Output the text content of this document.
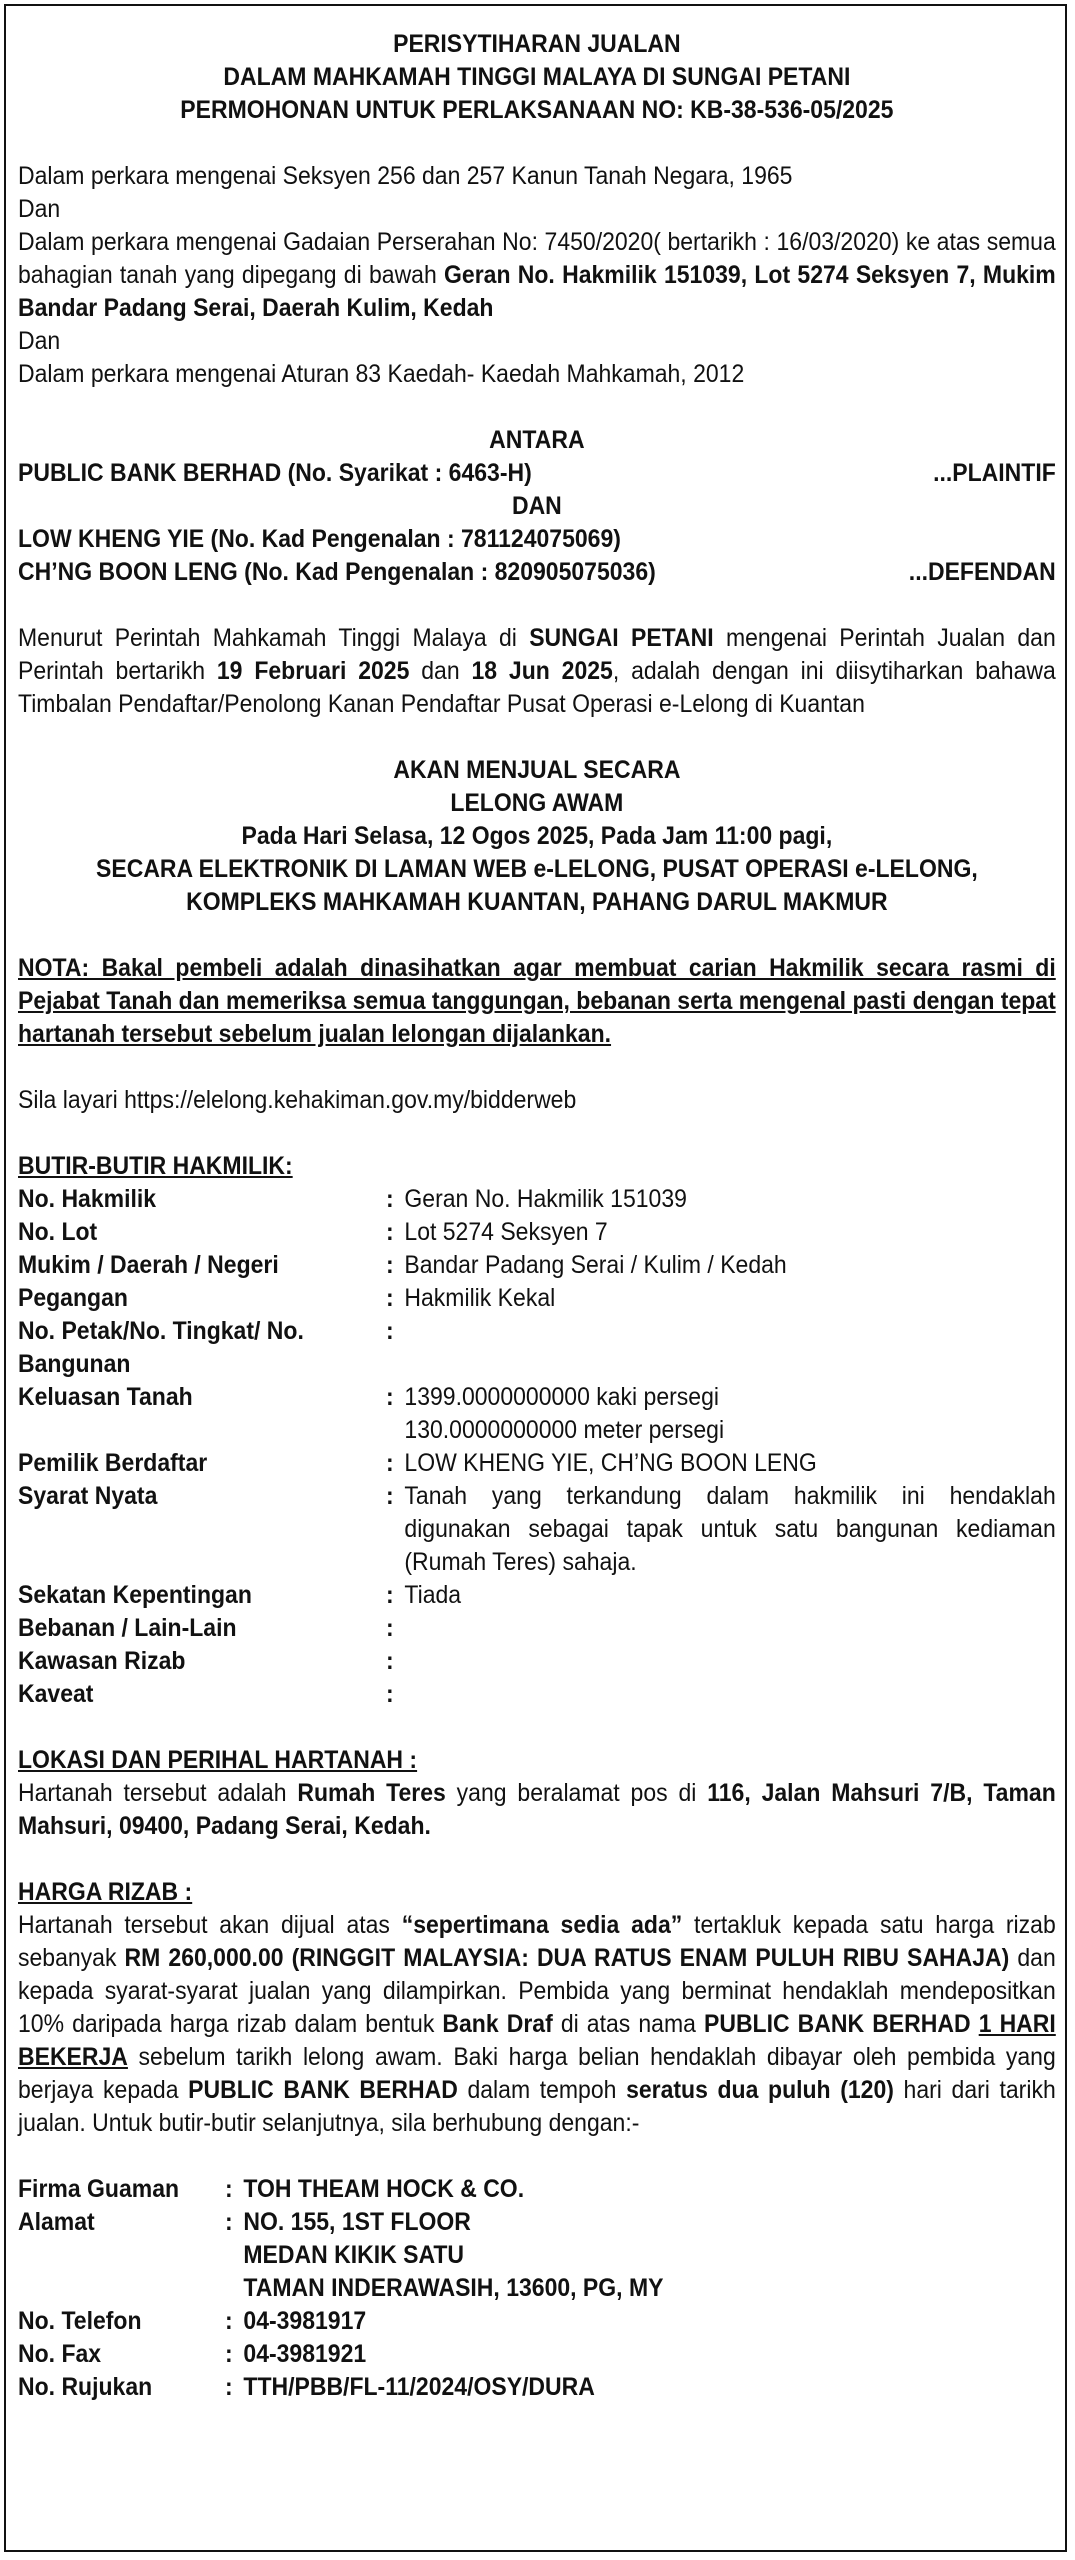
PERISYTIHARAN JUALAN
DALAM MAHKAMAH TINGGI MALAYA DI SUNGAI PETANI
PERMOHONAN UNTUK PERLAKSANAAN NO: KB-38-536-05/2025
Dalam perkara mengenai Seksyen 256 dan 257 Kanun Tanah Negara, 1965
Dan
Dalam perkara mengenai Gadaian Perserahan No: 7450/2020( bertarikh : 16/03/2020) ke atas semua bahagian tanah yang dipegang di bawah Geran No. Hakmilik 151039, Lot 5274 Seksyen 7, Mukim Bandar Padang Serai, Daerah Kulim, Kedah
Dan
Dalam perkara mengenai Aturan 83 Kaedah- Kaedah Mahkamah, 2012
ANTARA
PUBLIC BANK BERHAD (No. Syarikat : 6463-H)	...PLAINTIF
DAN
LOW KHENG YIE (No. Kad Pengenalan : 781124075069)
CH’NG BOON LENG (No. Kad Pengenalan : 820905075036)	...DEFENDAN
Menurut Perintah Mahkamah Tinggi Malaya di SUNGAI PETANI mengenai Perintah Jualan dan Perintah bertarikh 19 Februari 2025 dan 18 Jun 2025, adalah dengan ini diisytiharkan bahawa Timbalan Pendaftar/Penolong Kanan Pendaftar Pusat Operasi e-Lelong di Kuantan
AKAN MENJUAL SECARA
LELONG AWAM
Pada Hari Selasa, 12 Ogos 2025, Pada Jam 11:00 pagi,
SECARA ELEKTRONIK DI LAMAN WEB e-LELONG, PUSAT OPERASI e-LELONG,
KOMPLEKS MAHKAMAH KUANTAN, PAHANG DARUL MAKMUR
NOTA: Bakal pembeli adalah dinasihatkan agar membuat carian Hakmilik secara rasmi di Pejabat Tanah dan memeriksa semua tanggungan, bebanan serta mengenal pasti dengan tepat hartanah tersebut sebelum jualan lelongan dijalankan.
Sila layari https://elelong.kehakiman.gov.my/bidderweb
BUTIR-BUTIR HAKMILIK:
No. Hakmilik	:	Geran No. Hakmilik 151039
No. Lot	:	Lot 5274 Seksyen 7
Mukim / Daerah / Negeri	:	Bandar Padang Serai / Kulim / Kedah
Pegangan	:	Hakmilik Kekal
No. Petak/No. Tingkat/ No. Bangunan	:	
Keluasan Tanah	:	1399.0000000000 kaki persegi
		130.0000000000 meter persegi
Pemilik Berdaftar	:	LOW KHENG YIE, CH’NG BOON LENG
Syarat Nyata	:	Tanah yang terkandung dalam hakmilik ini hendaklah digunakan sebagai tapak untuk satu bangunan kediaman (Rumah Teres) sahaja.
Sekatan Kepentingan	:	Tiada
Bebanan / Lain-Lain	:	
Kawasan Rizab	:	
Kaveat	:	
LOKASI DAN PERIHAL HARTANAH :
Hartanah tersebut adalah Rumah Teres yang beralamat pos di 116, Jalan Mahsuri 7/B, Taman Mahsuri, 09400, Padang Serai, Kedah.
HARGA RIZAB :
Hartanah tersebut akan dijual atas “sepertimana sedia ada” tertakluk kepada satu harga rizab sebanyak RM 260,000.00 (RINGGIT MALAYSIA: DUA RATUS ENAM PULUH RIBU SAHAJA) dan kepada syarat-syarat jualan yang dilampirkan. Pembida yang berminat hendaklah mendepositkan 10% daripada harga rizab dalam bentuk Bank Draf di atas nama PUBLIC BANK BERHAD 1 HARI BEKERJA sebelum tarikh lelong awam. Baki harga belian hendaklah dibayar oleh pembida yang berjaya kepada PUBLIC BANK BERHAD dalam tempoh seratus dua puluh (120) hari dari tarikh jualan. Untuk butir-butir selanjutnya, sila berhubung dengan:-
Firma Guaman	:	TOH THEAM HOCK & CO.
Alamat	:	NO. 155, 1ST FLOOR
		MEDAN KIKIK SATU
		TAMAN INDERAWASIH, 13600, PG, MY
No. Telefon	:	04-3981917
No. Fax	:	04-3981921
No. Rujukan	:	TTH/PBB/FL-11/2024/OSY/DURA
